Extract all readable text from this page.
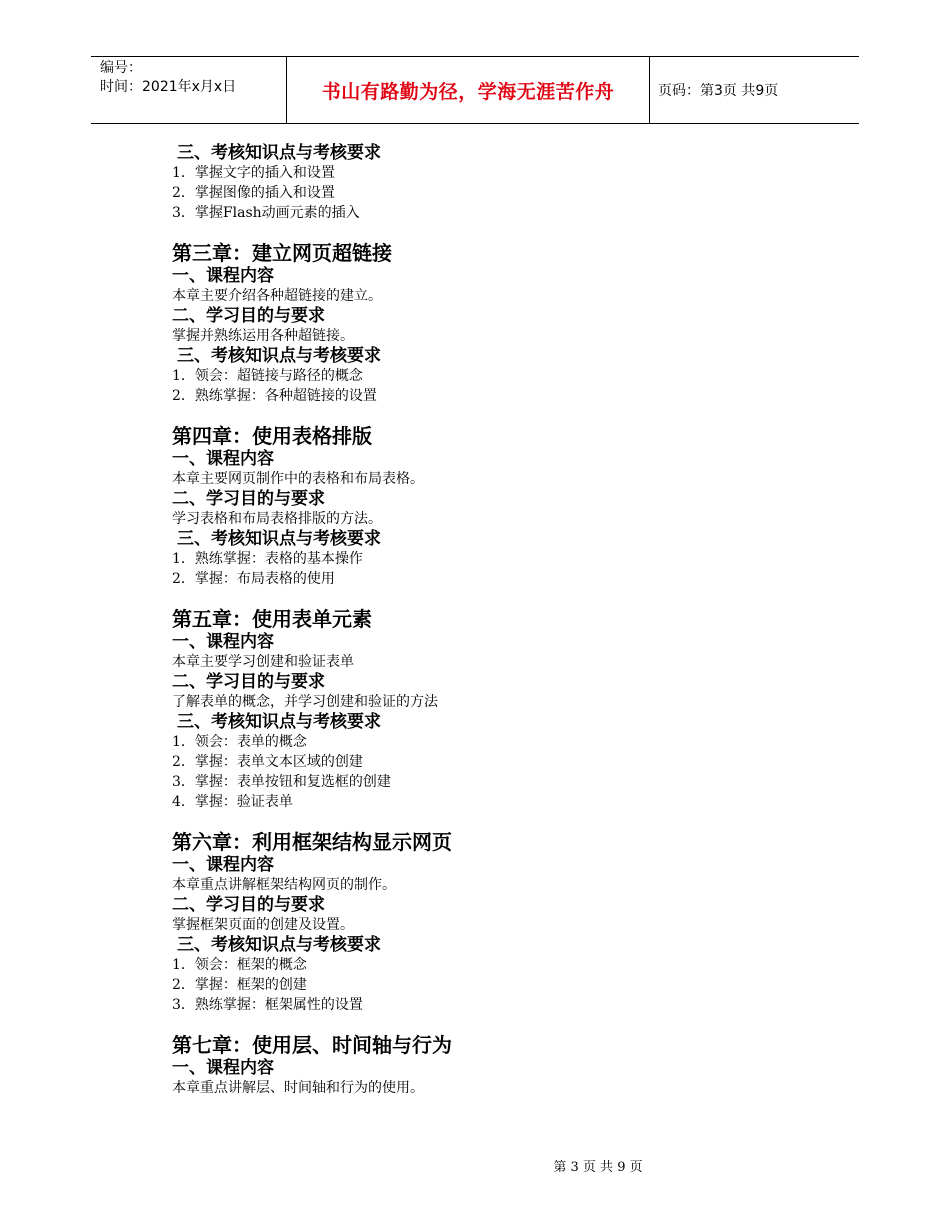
编号：
时间：2021年x月x日	书山有路勤为径，学海无涯苦作舟	页码：第3页 共9页
三、考核知识点与考核要求
1．掌握文字的插入和设置
2．掌握图像的插入和设置
3．掌握Flash动画元素的插入
第三章：建立网页超链接
一、课程内容
本章主要介绍各种超链接的建立。
二、学习目的与要求
掌握并熟练运用各种超链接。
三、考核知识点与考核要求
1．领会：超链接与路径的概念
2．熟练掌握：各种超链接的设置
第四章：使用表格排版
一、课程内容
本章主要网页制作中的表格和布局表格。
二、学习目的与要求
学习表格和布局表格排版的方法。
三、考核知识点与考核要求
1．熟练掌握：表格的基本操作
2．掌握：布局表格的使用
第五章：使用表单元素
一、课程内容
本章主要学习创建和验证表单
二、学习目的与要求
了解表单的概念，并学习创建和验证的方法
三、考核知识点与考核要求
1．领会：表单的概念
2．掌握：表单文本区域的创建
3．掌握：表单按钮和复选框的创建
4．掌握：验证表单
第六章：利用框架结构显示网页
一、课程内容
本章重点讲解框架结构网页的制作。
二、学习目的与要求
掌握框架页面的创建及设置。
三、考核知识点与考核要求
1．领会：框架的概念
2．掌握：框架的创建
3．熟练掌握：框架属性的设置
第七章：使用层、时间轴与行为
一、课程内容
本章重点讲解层、时间轴和行为的使用。
第 3 页 共 9 页
